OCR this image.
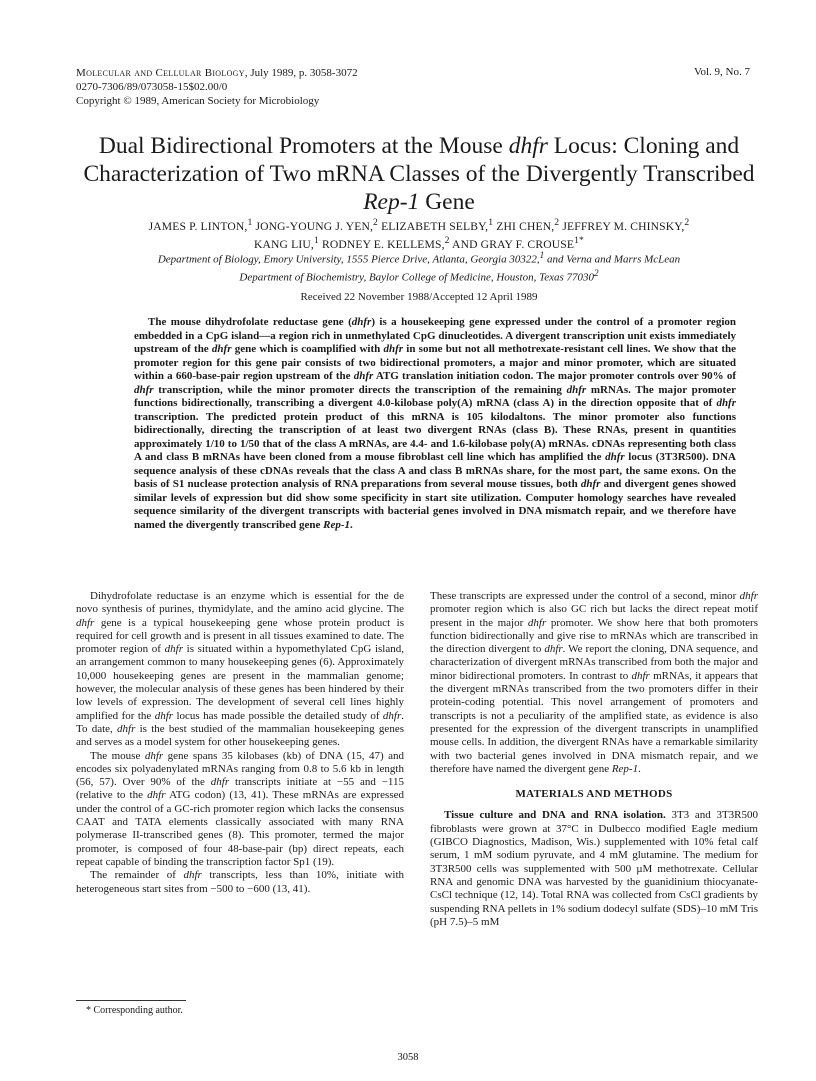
Molecular and Cellular Biology, July 1989, p. 3058-3072
0270-7306/89/073058-15$02.00/0
Copyright © 1989, American Society for Microbiology
Vol. 9, No. 7
Dual Bidirectional Promoters at the Mouse dhfr Locus: Cloning and Characterization of Two mRNA Classes of the Divergently Transcribed Rep-1 Gene
JAMES P. LINTON,$^1$ JONG-YOUNG J. YEN,$^2$ ELIZABETH SELBY,$^1$ ZHI CHEN,$^2$ JEFFREY M. CHINSKY,$^2$
KANG LIU,$^1$ RODNEY E. KELLEMS,$^2$ AND GRAY F. $CROUSE^{1*}$
Department of Biology, Emory University, 1555 Pierce Drive, Atlanta, Georgia 30322,$^1$ and Verna and Marrs McLean
Department of Biochemistry, Baylor College of Medicine, Houston, Texas 77030$^2$
Received 22 November 1988/Accepted 12 April 1989

The mouse dihydrofolate reductase gene (dhfr) is a housekeeping gene expressed under the control of a promoter region embedded in a CpG island—a region rich in unmethylated CpG dinucleotides. A divergent transcription unit exists immediately upstream of the dhfr gene which is coamplified with dhfr in some but not all methotrexate-resistant cell lines. We show that the promoter region for this gene pair consists of two bidirectional promoters, a major and minor promoter, which are situated within a 660-base-pair region upstream of the dhfr ATG translation initiation codon. The major promoter controls over 90% of dhfr transcription, while the minor promoter directs the transcription of the remaining dhfr mRNAs. The major promoter functions bidirectionally, transcribing a divergent 4.0-kilobase poly(A) mRNA (class A) in the direction opposite that of dhfr transcription. The predicted protein product of this mRNA is 105 kilodaltons. The minor promoter also functions bidirectionally, directing the transcription of at least two divergent RNAs (class B). These RNAs, present in quantities approximately 1/10 to 1/50 that of the class A mRNAs, are 4.4- and 1.6-kilobase poly(A) mRNAs. cDNAs representing both class A and class B mRNAs have been cloned from a mouse fibroblast cell line which has amplified the dhfr locus (3T3R500). DNA sequence analysis of these cDNAs reveals that the class A and class B mRNAs share, for the most part, the same exons. On the basis of S1 nuclease protection analysis of RNA preparations from several mouse tissues, both dhfr and divergent genes showed similar levels of expression but did show some specificity in start site utilization. Computer homology searches have revealed sequence similarity of the divergent transcripts with bacterial genes involved in DNA mismatch repair, and we therefore have named the divergently transcribed gene Rep-1.

Dihydrofolate reductase is an enzyme which is essential for the de novo synthesis of purines, thymidylate, and the amino acid glycine. The dhfr gene is a typical housekeeping gene whose protein product is required for cell growth and is present in all tissues examined to date. The promoter region of dhfr is situated within a hypomethylated CpG island, an arrangement common to many housekeeping genes (6). Approximately 10,000 housekeeping genes are present in the mammalian genome; however, the molecular analysis of these genes has been hindered by their low levels of expression. The development of several cell lines highly amplified for the dhfr locus has made possible the detailed study of dhfr. To date, dhfr is the best studied of the mammalian housekeeping genes and serves as a model system for other housekeeping genes.

The mouse dhfr gene spans 35 kilobases (kb) of DNA (15, 47) and encodes six polyadenylated mRNAs ranging from 0.8 to 5.6 kb in length (56, 57). Over 90% of the dhfr transcripts initiate at −55 and −115 (relative to the dhfr ATG codon) (13, 41). These mRNAs are expressed under the control of a GC-rich promoter region which lacks the consensus CAAT and TATA elements classically associated with many RNA polymerase II-transcribed genes (8). This promoter, termed the major promoter, is composed of four 48-base-pair (bp) direct repeats, each repeat capable of binding the transcription factor Sp1 (19).

The remainder of dhfr transcripts, less than 10%, initiate with heterogeneous start sites from −500 to −600 (13, 41).

These transcripts are expressed under the control of a second, minor dhfr promoter region which is also GC rich but lacks the direct repeat motif present in the major dhfr promoter. We show here that both promoters function bidirectionally and give rise to mRNAs which are transcribed in the direction divergent to dhfr. We report the cloning, DNA sequence, and characterization of divergent mRNAs transcribed from both the major and minor bidirectional promoters. In contrast to dhfr mRNAs, it appears that the divergent mRNAs transcribed from the two promoters differ in their protein-coding potential. This novel arrangement of promoters and transcripts is not a peculiarity of the amplified state, as evidence is also presented for the expression of the divergent transcripts in unamplified mouse cells. In addition, the divergent RNAs have a remarkable similarity with two bacterial genes involved in DNA mismatch repair, and we therefore have named the divergent gene Rep-1.

MATERIALS AND METHODS

Tissue culture and DNA and RNA isolation. 3T3 and 3T3R500 fibroblasts were grown at 37°C in Dulbecco modified Eagle medium (GIBCO Diagnostics, Madison, Wis.) supplemented with 10% fetal calf serum, 1 mM sodium pyruvate, and 4 mM glutamine. The medium for 3T3R500 cells was supplemented with 500 µM methotrexate. Cellular RNA and genomic DNA was harvested by the guanidinium thiocyanate-CsCl technique (12, 14). Total RNA was collected from CsCl gradients by suspending RNA pellets in 1% sodium dodecyl sulfate (SDS)–10 mM Tris (pH 7.5)–5 mM

* Corresponding author.
3058
